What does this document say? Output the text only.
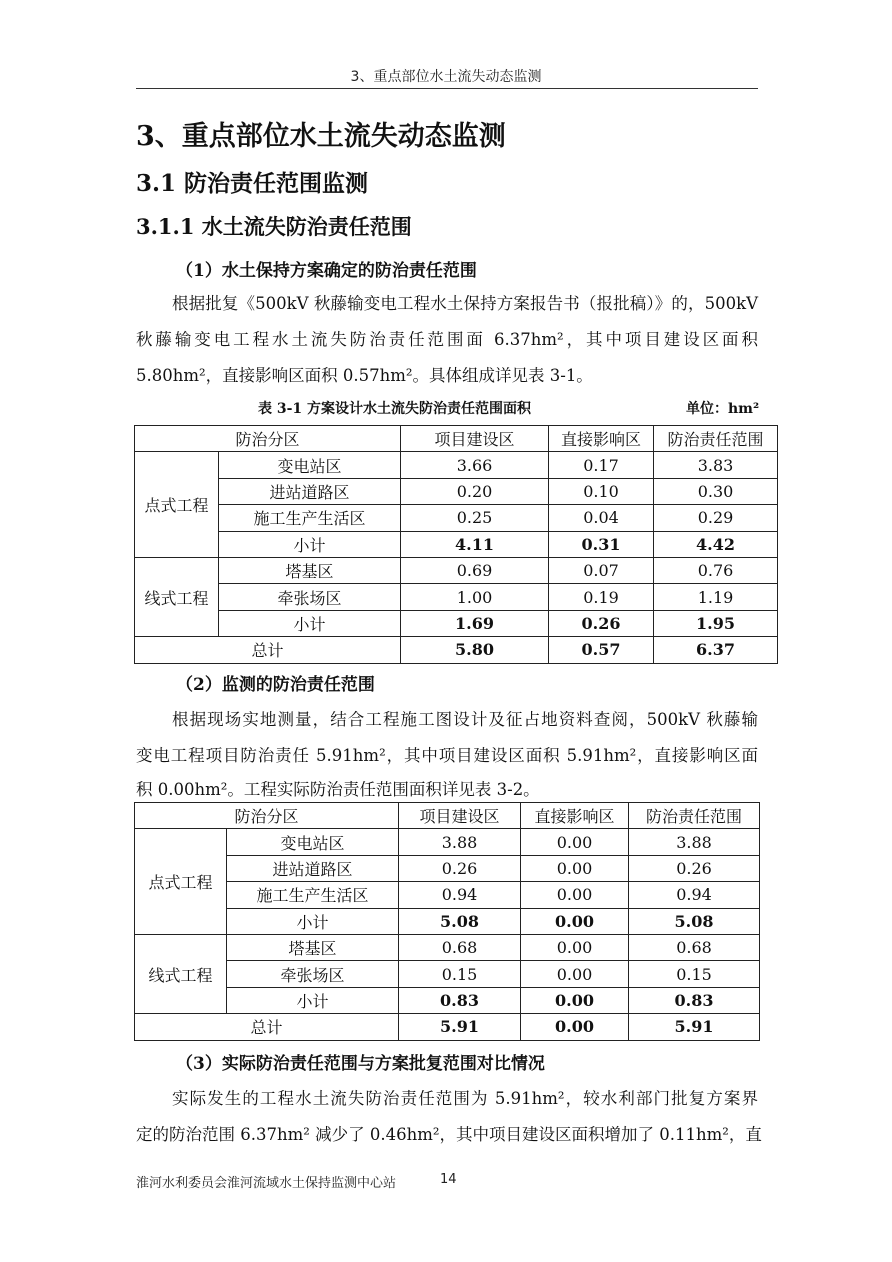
3、重点部位水土流失动态监测
3、重点部位水土流失动态监测
3.1 防治责任范围监测
3.1.1 水土流失防治责任范围
（1）水土保持方案确定的防治责任范围
根据批复《500kV 秋藤输变电工程水土保持方案报告书（报批稿）》的，500kV
秋藤输变电工程水土流失防治责任范围面 6.37hm²，其中项目建设区面积
5.80hm²，直接影响区面积 0.57hm²。具体组成详见表 3-1。
表 3-1 方案设计水土流失防治责任范围面积	单位：hm²
防治分区		项目建设区	直接影响区	防治责任范围
点式工程	变电站区	3.66	0.17	3.83
	进站道路区	0.20	0.10	0.30
	施工生产生活区	0.25	0.04	0.29
	小计	4.11	0.31	4.42
线式工程	塔基区	0.69	0.07	0.76
	牵张场区	1.00	0.19	1.19
	小计	1.69	0.26	1.95
总计		5.80	0.57	6.37
（2）监测的防治责任范围
根据现场实地测量，结合工程施工图设计及征占地资料查阅，500kV 秋藤输
变电工程项目防治责任 5.91hm²，其中项目建设区面积 5.91hm²，直接影响区面
积 0.00hm²。工程实际防治责任范围面积详见表 3-2。
防治分区		项目建设区	直接影响区	防治责任范围
点式工程	变电站区	3.88	0.00	3.88
	进站道路区	0.26	0.00	0.26
	施工生产生活区	0.94	0.00	0.94
	小计	5.08	0.00	5.08
线式工程	塔基区	0.68	0.00	0.68
	牵张场区	0.15	0.00	0.15
	小计	0.83	0.00	0.83
总计		5.91	0.00	5.91
（3）实际防治责任范围与方案批复范围对比情况
实际发生的工程水土流失防治责任范围为 5.91hm²，较水利部门批复方案界
定的防治范围 6.37hm² 减少了 0.46hm²，其中项目建设区面积增加了 0.11hm²，直
淮河水利委员会淮河流域水土保持监测中心站	14
